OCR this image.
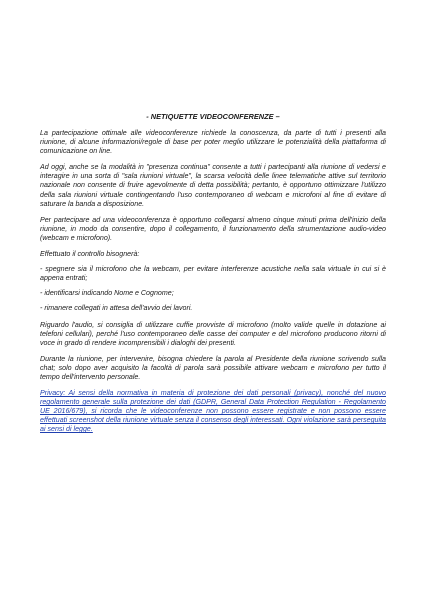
- NETIQUETTE VIDEOCONFERENZE –

La partecipazione ottimale alle videoconferenze richiede la conoscenza, da parte di tutti i presenti alla riunione, di alcune informazioni/regole di base per poter meglio utilizzare le potenzialità della piattaforma di comunicazione on line.

Ad oggi, anche se la modalità in "presenza continua" consente a tutti i partecipanti alla riunione di vedersi e interagire in una sorta di "sala riunioni virtuale", la scarsa velocità delle linee telematiche attive sul territorio nazionale non consente di fruire agevolmente di detta possibilità; pertanto, è opportuno ottimizzare l'utilizzo della sala riunioni virtuale contingentando l'uso contemporaneo di webcam e microfoni al fine di evitare di saturare la banda a disposizione.

Per partecipare ad una videoconferenza è opportuno collegarsi almeno cinque minuti prima dell'inizio della riunione, in modo da consentire, dopo il collegamento, il funzionamento della strumentazione audio-video (webcam e microfono).

Effettuato il controllo bisognerà:

- spegnere sia il microfono che la webcam, per evitare interferenze acustiche nella sala virtuale in cui si è appena entrati;

- identificarsi indicando Nome e Cognome;

- rimanere collegati in attesa dell'avvio dei lavori.

Riguardo l'audio, si consiglia di utilizzare cuffie provviste di microfono (molto valide quelle in dotazione ai telefoni cellulari), perché l'uso contemporaneo delle casse dei computer e del microfono producono ritorni di voce in grado di rendere incomprensibili i dialoghi dei presenti.

Durante la riunione, per intervenire, bisogna chiedere la parola al Presidente della riunione scrivendo sulla chat; solo dopo aver acquisito la facoltà di parola sarà possibile attivare webcam e microfono per tutto il tempo dell'intervento personale.

Privacy: Ai sensi della normativa in materia di protezione dei dati personali (privacy), nonché del nuovo regolamento generale sulla protezione dei dati (GDPR, General Data Protection Regulation - Regolamento UE 2016/679), si ricorda che le videoconferenze non possono essere registrate e non possono essere effettuati screenshot della riunione virtuale senza il consenso degli interessati. Ogni violazione sarà perseguita ai sensi di legge.
